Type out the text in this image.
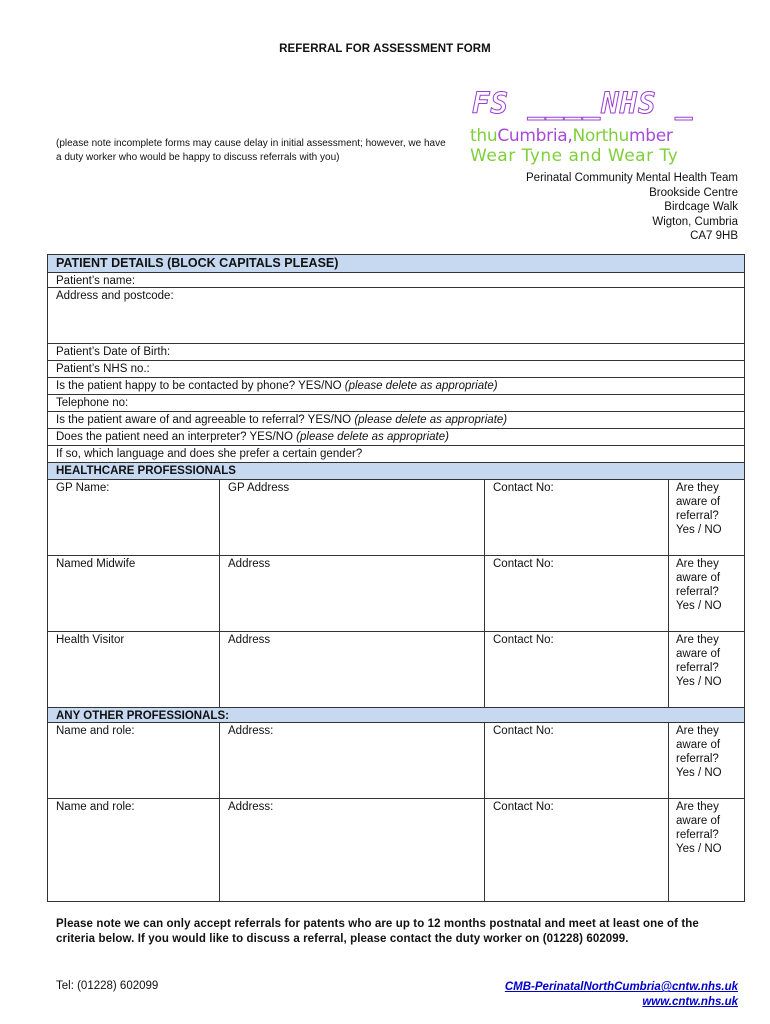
REFERRAL FOR ASSESSMENT FORM
FS ____NHS _
thuCumbria,Northumber
Wear Tyne and Wear Ty
(please note incomplete forms may cause delay in initial assessment; however, we have a duty worker who would be happy to discuss referrals with you)
Perinatal Community Mental Health Team
Brookside Centre
Birdcage Walk
Wigton, Cumbria
CA7 9HB
PATIENT DETAILS (BLOCK CAPITALS PLEASE)
Patient’s name:
Address and postcode:
Patient’s Date of Birth:
Patient’s NHS no.:
Is the patient happy to be contacted by phone? YES/NO (please delete as appropriate)
Telephone no:
Is the patient aware of and agreeable to referral? YES/NO (please delete as appropriate)
Does the patient need an interpreter? YES/NO (please delete as appropriate)
If so, which language and does she prefer a certain gender?
HEALTHCARE PROFESSIONALS
GP Name:	GP Address	Contact No:	Are they aware of referral? Yes / NO
Named Midwife	Address	Contact No:	Are they aware of referral? Yes / NO
Health Visitor	Address	Contact No:	Are they aware of referral? Yes / NO
ANY OTHER PROFESSIONALS:
Name and role:	Address:	Contact No:	Are they aware of referral? Yes / NO
Name and role:	Address:	Contact No:	Are they aware of referral? Yes / NO
Please note we can only accept referrals for patents who are up to 12 months postnatal and meet at least one of the criteria below. If you would like to discuss a referral, please contact the duty worker on (01228) 602099.
Tel: (01228) 602099	CMB-PerinatalNorthCumbria@cntw.nhs.uk
www.cntw.nhs.uk
